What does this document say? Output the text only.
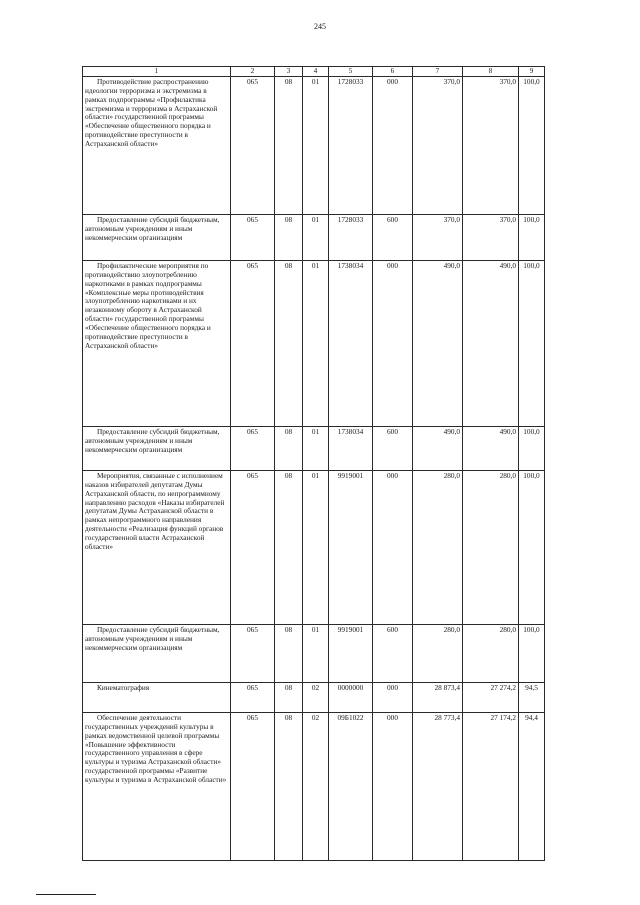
245
1	2	3	4	5	6	7	8	9
Противодействие распространению идеологии терроризма и экстремизма в рамках подпрограммы «Профилактика экстремизма и терроризма в Астраханской области» государственной программы «Обеспечение общественного порядка и противодействие преступности в Астраханской области»	065	08	01	1728033	000	370,0	370,0	100,0
Предоставление субсидий бюджетным, автономным учреждениям и иным некоммерческим организациям	065	08	01	1728033	600	370,0	370,0	100,0
Профилактические мероприятия по противодействию злоупотреблению наркотиками в рамках подпрограммы «Комплексные меры противодействия злоупотреблению наркотиками и их незаконному обороту в Астраханской области» государственной программы «Обеспечение общественного порядка и противодействие преступности в Астраханской области»	065	08	01	1738034	000	490,0	490,0	100,0
Предоставление субсидий бюджетным, автономным учреждениям и иным некоммерческим организациям	065	08	01	1738034	600	490,0	490,0	100,0
Мероприятия, связанные с исполнением наказов избирателей депутатам Думы Астраханской области, по непрограммному направлению расходов «Наказы избирателей депутатам Думы Астраханской области в рамках непрограммного направления деятельности «Реализация функций органов государственной власти Астраханской области»	065	08	01	9919001	000	280,0	280,0	100,0
Предоставление субсидий бюджетным, автономным учреждениям и иным некоммерческим организациям	065	08	01	9919001	600	280,0	280,0	100,0
Кинематография	065	08	02	0000000	000	28 873,4	27 274,2	94,5
Обеспечение деятельности государственных учреждений культуры в рамках ведомственной целевой программы «Повышение эффективности государственного управления в сфере культуры и туризма Астраханской области» государственной программы «Развитие культуры и туризма в Астраханской области»	065	08	02	09Б1022	000	28 773,4	27 174,2	94,4
